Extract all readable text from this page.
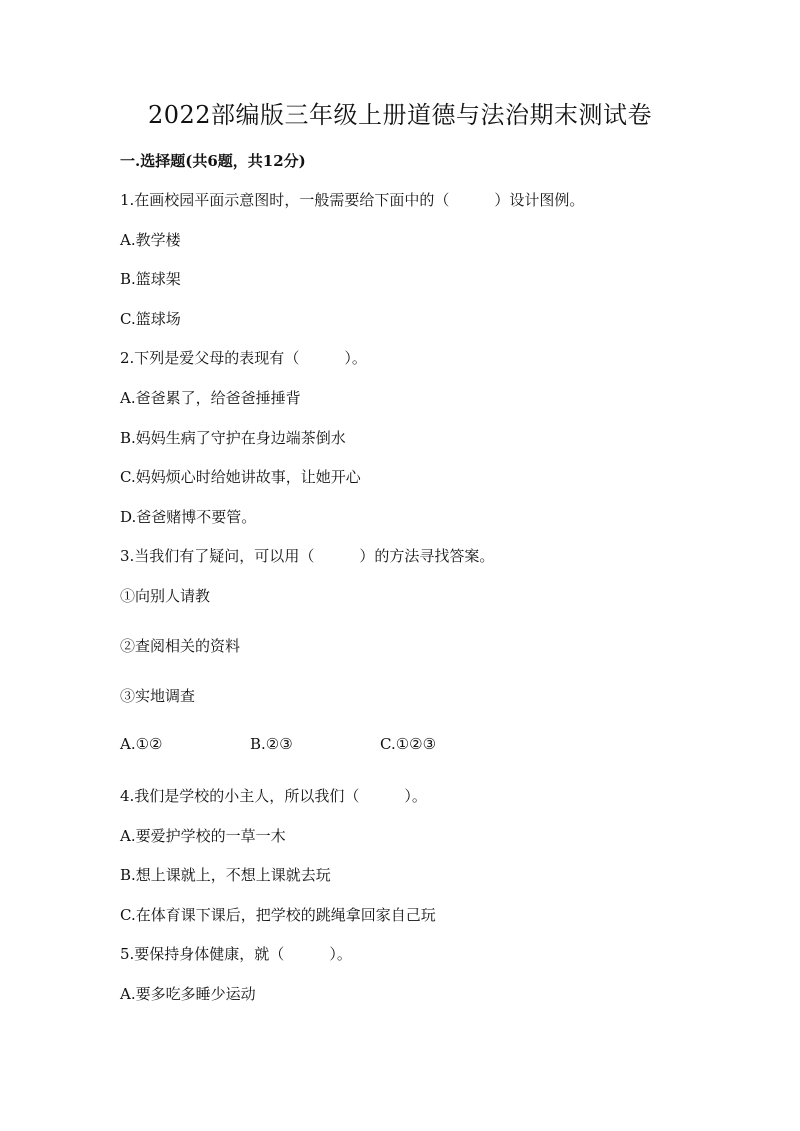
2022部编版三年级上册道德与法治期末测试卷

一.选择题(共6题，共12分)

1.在画校园平面示意图时，一般需要给下面中的（　　　）设计图例。

A.教学楼

B.篮球架

C.篮球场

2.下列是爱父母的表现有（　　　）。

A.爸爸累了，给爸爸捶捶背

B.妈妈生病了守护在身边端茶倒水

C.妈妈烦心时给她讲故事，让她开心

D.爸爸赌博不要管。

3.当我们有了疑问，可以用（　　　）的方法寻找答案。

①向别人请教

②查阅相关的资料

③实地调查

A.①②	B.②③	C.①②③

4.我们是学校的小主人，所以我们（　　　）。

A.要爱护学校的一草一木

B.想上课就上，不想上课就去玩

C.在体育课下课后，把学校的跳绳拿回家自己玩

5.要保持身体健康，就（　　　）。

A.要多吃多睡少运动
